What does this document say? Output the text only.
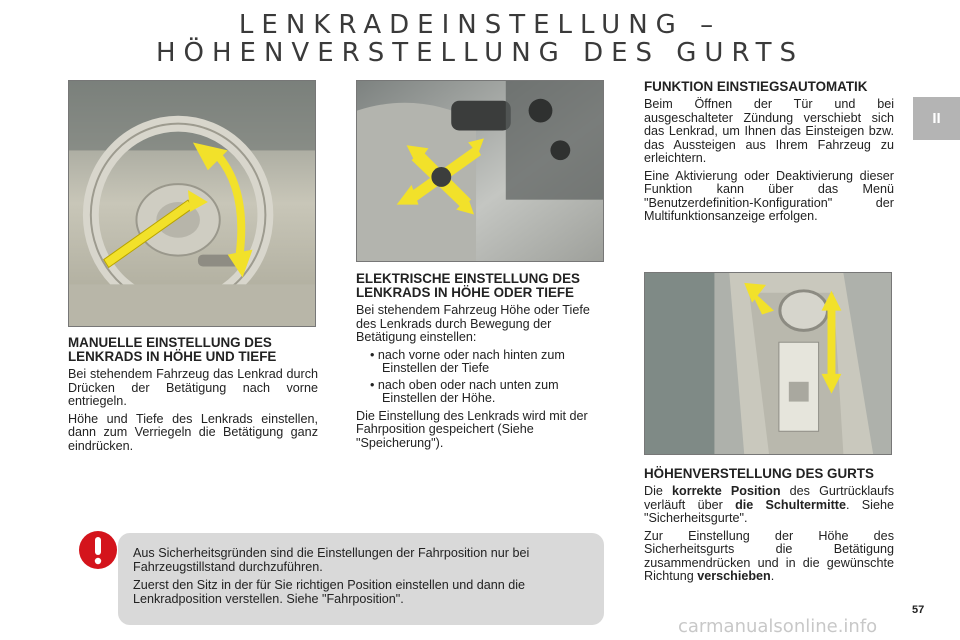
LENKRADEINSTELLUNG –
HÖHENVERSTELLUNG DES GURTS
II
MANUELLE EINSTELLUNG DES LENKRADS IN HÖHE UND TIEFE

Bei stehendem Fahrzeug das Lenkrad durch Drücken der Betätigung nach vorne entriegeln.

Höhe und Tiefe des Lenkrads einstellen, dann zum Verriegeln die Betätigung ganz eindrücken.

ELEKTRISCHE EINSTELLUNG DES LENKRADS IN HÖHE ODER TIEFE

Bei stehendem Fahrzeug Höhe oder Tiefe des Lenkrads durch Bewegung der Betätigung einstellen:

• nach vorne oder nach hinten zum Einstellen der Tiefe
• nach oben oder nach unten zum Einstellen der Höhe.

Die Einstellung des Lenkrads wird mit der Fahrposition gespeichert (Siehe "Speicherung").

FUNKTION EINSTIEGSAUTOMATIK

Beim Öffnen der Tür und bei ausgeschalteter Zündung verschiebt sich das Lenkrad, um Ihnen das Einsteigen bzw. das Aussteigen aus Ihrem Fahrzeug zu erleichtern.

Eine Aktivierung oder Deaktivierung dieser Funktion kann über das Menü "Benutzerdefinition-Konfiguration" der Multifunktionsanzeige erfolgen.

HÖHENVERSTELLUNG DES GURTS

Die korrekte Position des Gurtrücklaufs verläuft über die Schultermitte. Siehe "Sicherheitsgurte".

Zur Einstellung der Höhe des Sicherheitsgurts die Betätigung zusammendrücken und in die gewünschte Richtung verschieben.

Aus Sicherheitsgründen sind die Einstellungen der Fahrposition nur bei Fahrzeugstillstand durchzuführen.

Zuerst den Sitz in der für Sie richtigen Position einstellen und dann die Lenkradposition verstellen. Siehe "Fahrposition".

57
carmanualsonline.info
